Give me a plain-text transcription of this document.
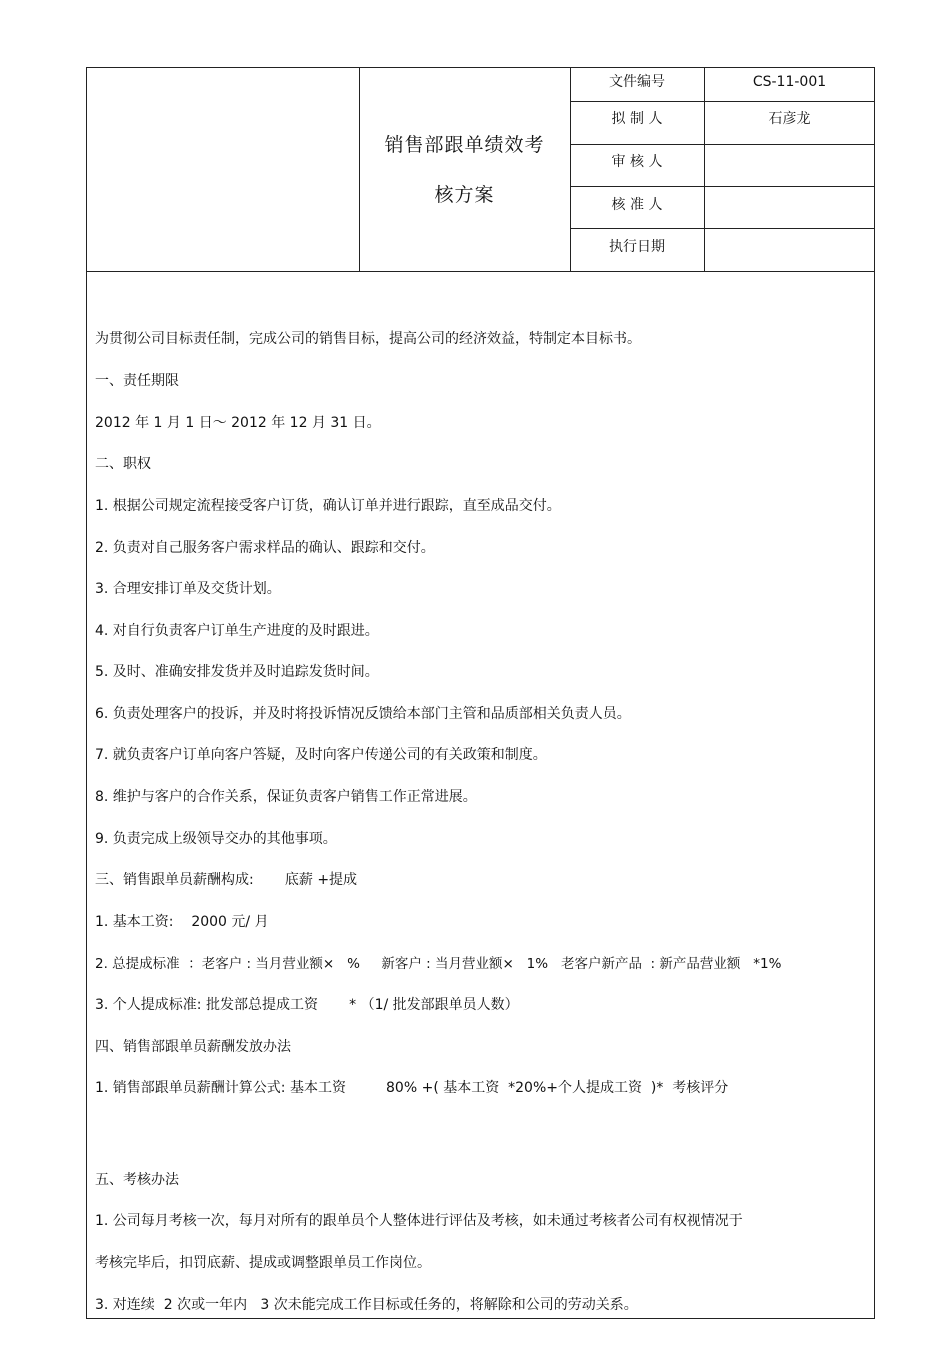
销售部跟单绩效考
核方案
文件编号	CS-11-001
拟 制 人	石彦龙
审 核 人
核 准 人
执行日期
为贯彻公司目标责任制，完成公司的销售目标，提高公司的经济效益，特制定本目标书。
一、责任期限
2012 年 1 月 1 日～ 2012 年 12 月 31 日。
二、职权
1. 根据公司规定流程接受客户订货，确认订单并进行跟踪，直至成品交付。
2. 负责对自己服务客户需求样品的确认、跟踪和交付。
3. 合理安排订单及交货计划。
4. 对自行负责客户订单生产进度的及时跟进。
5. 及时、准确安排发货并及时追踪发货时间。
6. 负责处理客户的投诉，并及时将投诉情况反馈给本部门主管和品质部相关负责人员。
7. 就负责客户订单向客户答疑，及时向客户传递公司的有关政策和制度。
8. 维护与客户的合作关系，保证负责客户销售工作正常进展。
9. 负责完成上级领导交办的其他事项。
三、销售跟单员薪酬构成:       底薪 +提成
1. 基本工资:    2000 元/ 月
2. 总提成标准  ：老客户 : 当月营业额×   %     新客户 : 当月营业额×   1%   老客户新产品  : 新产品营业额   *1%
3. 个人提成标准: 批发部总提成工资       * （1/ 批发部跟单员人数）
四、销售部跟单员薪酬发放办法
1. 销售部跟单员薪酬计算公式: 基本工资         80% +( 基本工资  *20%+个人提成工资  )*  考核评分
五、考核办法
1. 公司每月考核一次，每月对所有的跟单员个人整体进行评估及考核，如未通过考核者公司有权视情况于
考核完毕后，扣罚底薪、提成或调整跟单员工作岗位。
3. 对连续  2 次或一年内   3 次未能完成工作目标或任务的，将解除和公司的劳动关系。
